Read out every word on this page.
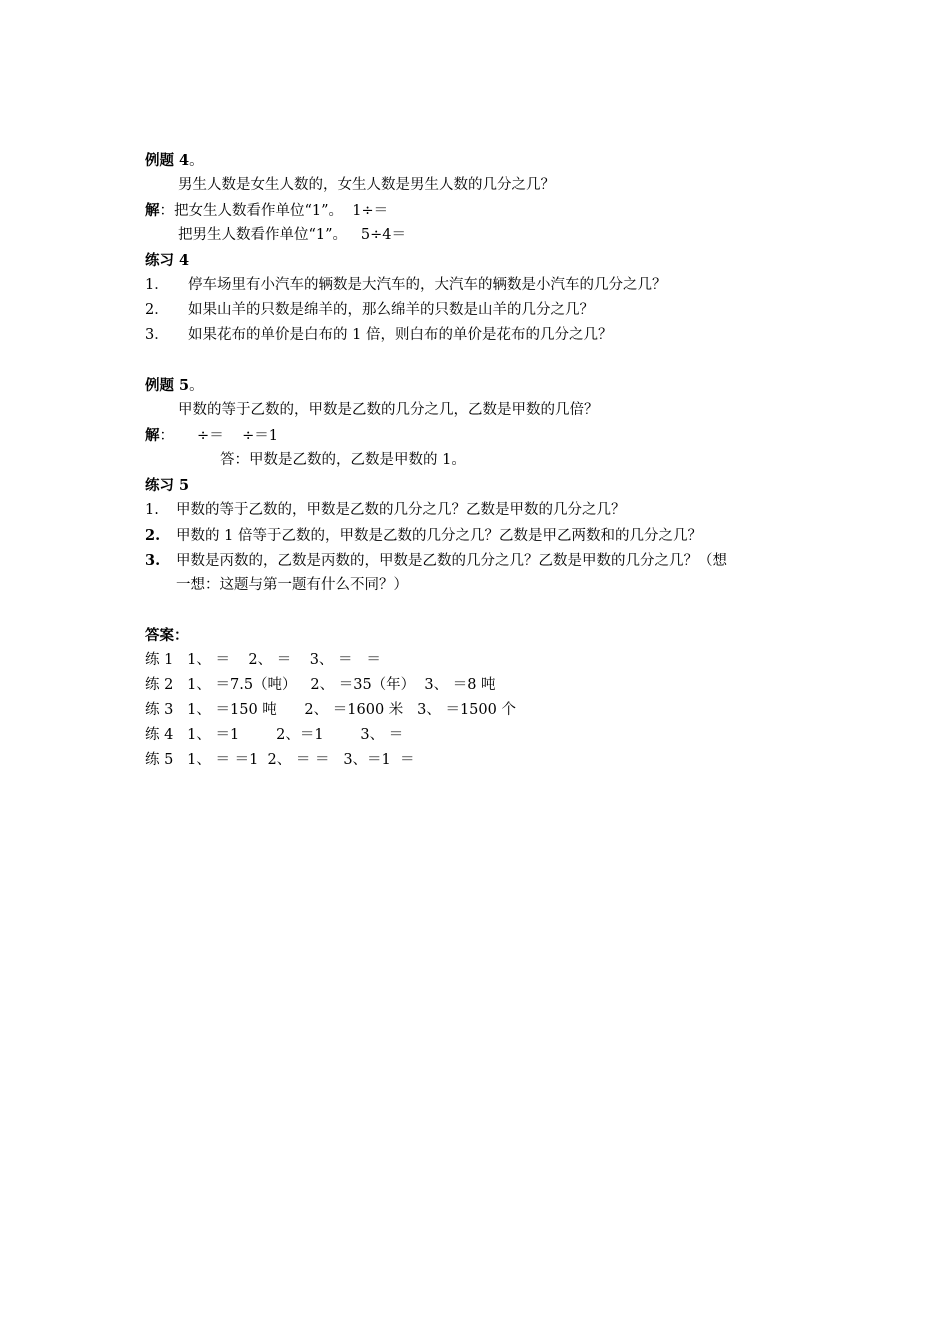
例题 4。
男生人数是女生人数的，女生人数是男生人数的几分之几？
解：把女生人数看作单位“1”。  1÷＝
把男生人数看作单位“1”。   5÷4＝
练习 4
1． 停车场里有小汽车的辆数是大汽车的，大汽车的辆数是小汽车的几分之几？
2． 如果山羊的只数是绵羊的，那么绵羊的只数是山羊的几分之几？
3． 如果花布的单价是白布的 1 倍，则白布的单价是花布的几分之几？
例题 5。
甲数的等于乙数的，甲数是乙数的几分之几，乙数是甲数的几倍？
解：     ÷＝    ÷＝1
答：甲数是乙数的，乙数是甲数的 1。
练习 5
1. 甲数的等于乙数的，甲数是乙数的几分之几？乙数是甲数的几分之几？
2. 甲数的 1 倍等于乙数的，甲数是乙数的几分之几？乙数是甲乙两数和的几分之几？
3. 甲数是丙数的，乙数是丙数的，甲数是乙数的几分之几？乙数是甲数的几分之几？（想
一想：这题与第一题有什么不同？）
答案：
练 1   1、 ＝    2、 ＝    3、 ＝   ＝
练 2   1、 ＝7.5（吨）   2、 ＝35（年）  3、 ＝8 吨
练 3   1、 ＝150 吨      2、 ＝1600 米   3、 ＝1500 个
练 4   1、 ＝1        2、＝1        3、 ＝
练 5   1、 ＝ ＝1  2、 ＝ ＝   3、＝1  ＝
